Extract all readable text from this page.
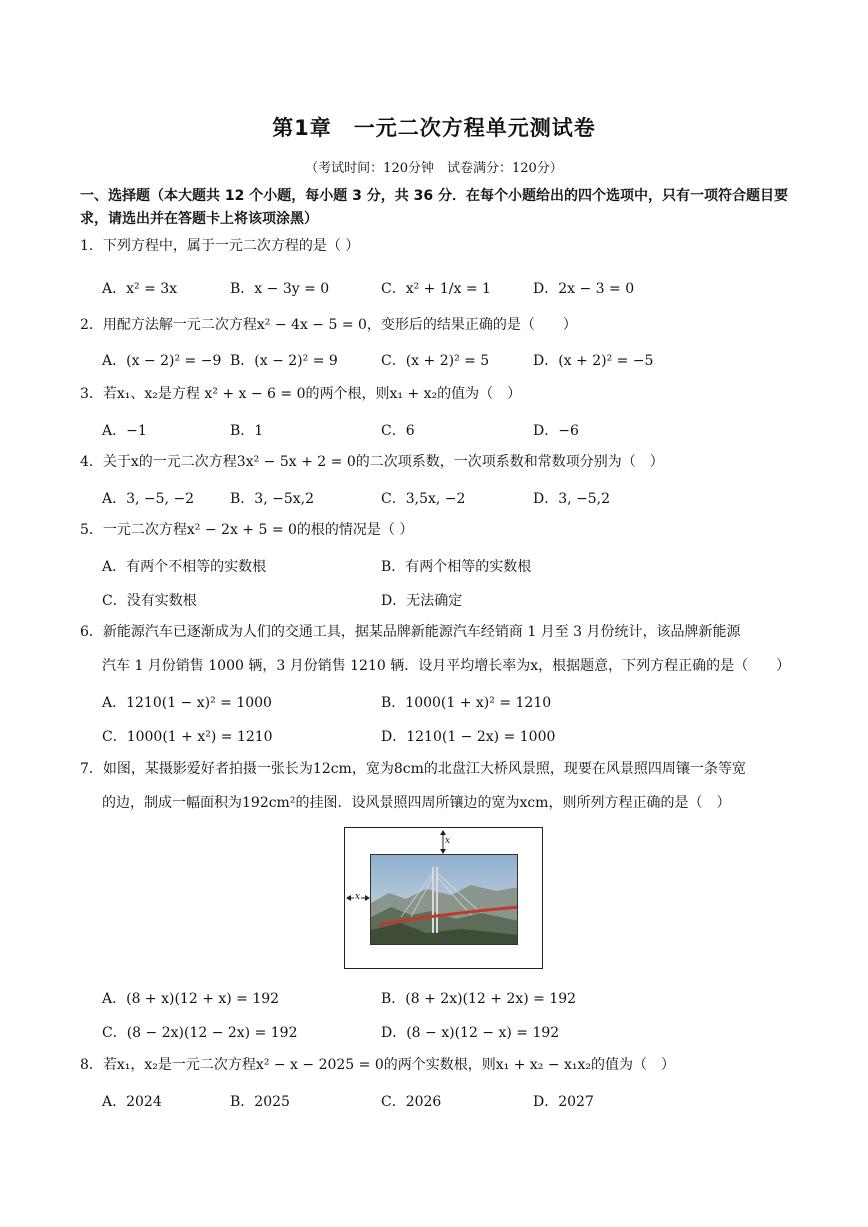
第1章　一元二次方程单元测试卷
（考试时间：120分钟　试卷满分：120分）
一、选择题（本大题共 12 个小题，每小题 3 分，共 36 分．在每个小题给出的四个选项中，只有一项符合题目要求，请选出并在答题卡上将该项涂黑）
1．下列方程中，属于一元二次方程的是（ ）
A．x² = 3x	B．x − 3y = 0	C．x² + 1/x = 1	D．2x − 3 = 0
2．用配方法解一元二次方程x² − 4x − 5 = 0，变形后的结果正确的是（　　）
A．(x − 2)² = −9 B．(x − 2)² = 9	C．(x + 2)² = 5	D．(x + 2)² = −5
3．若x₁、x₂是方程 x² + x − 6 = 0的两个根，则x₁ + x₂的值为（　）
A．−1	B．1	C．6	D．−6
4．关于x的一元二次方程3x² − 5x + 2 = 0的二次项系数，一次项系数和常数项分别为（　）
A．3, −5, −2	B．3, −5x,2	C．3,5x, −2	D．3, −5,2
5．一元二次方程x² − 2x + 5 = 0的根的情况是（ ）
A．有两个不相等的实数根	B．有两个相等的实数根
C．没有实数根	D．无法确定
6．新能源汽车已逐渐成为人们的交通工具，据某品牌新能源汽车经销商 1 月至 3 月份统计，该品牌新能源
汽车 1 月份销售 1000 辆，3 月份销售 1210 辆．设月平均增长率为x，根据题意，下列方程正确的是（　　）
A．1210(1 − x)² = 1000	B．1000(1 + x)² = 1210
C．1000(1 + x²) = 1210	D．1210(1 − 2x) = 1000
7．如图，某摄影爱好者拍摄一张长为12cm，宽为8cm的北盘江大桥风景照，现要在风景照四周镶一条等宽
的边，制成一幅面积为192cm²的挂图．设风景照四周所镶边的宽为xcm，则所列方程正确的是（　）
x
x
A．(8 + x)(12 + x) = 192	B．(8 + 2x)(12 + 2x) = 192
C．(8 − 2x)(12 − 2x) = 192	D．(8 − x)(12 − x) = 192
8．若x₁，x₂是一元二次方程x² − x − 2025 = 0的两个实数根，则x₁ + x₂ − x₁x₂的值为（　）
A．2024	B．2025	C．2026	D．2027
